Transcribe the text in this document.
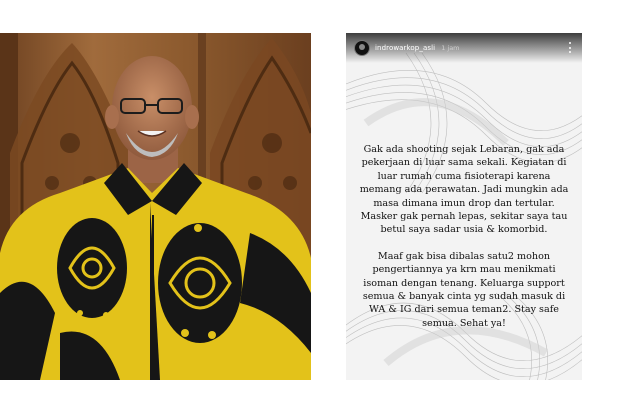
indrowarkop_asli 1 jam

Gak ada shooting sejak Lebaran, gak ada
pekerjaan di luar sama sekali. Kegiatan di
luar rumah cuma fisioterapi karena
memang ada perawatan. Jadi mungkin ada
masa dimana imun drop dan tertular.
Masker gak pernah lepas, sekitar saya tau
betul saya sadar usia & komorbid.

Maaf gak bisa dibalas satu2 mohon
pengertiannya ya krn mau menikmati
isoman dengan tenang. Keluarga support
semua & banyak cinta yg sudah masuk di
WA & IG dari semua teman2. Stay safe
semua. Sehat ya!
